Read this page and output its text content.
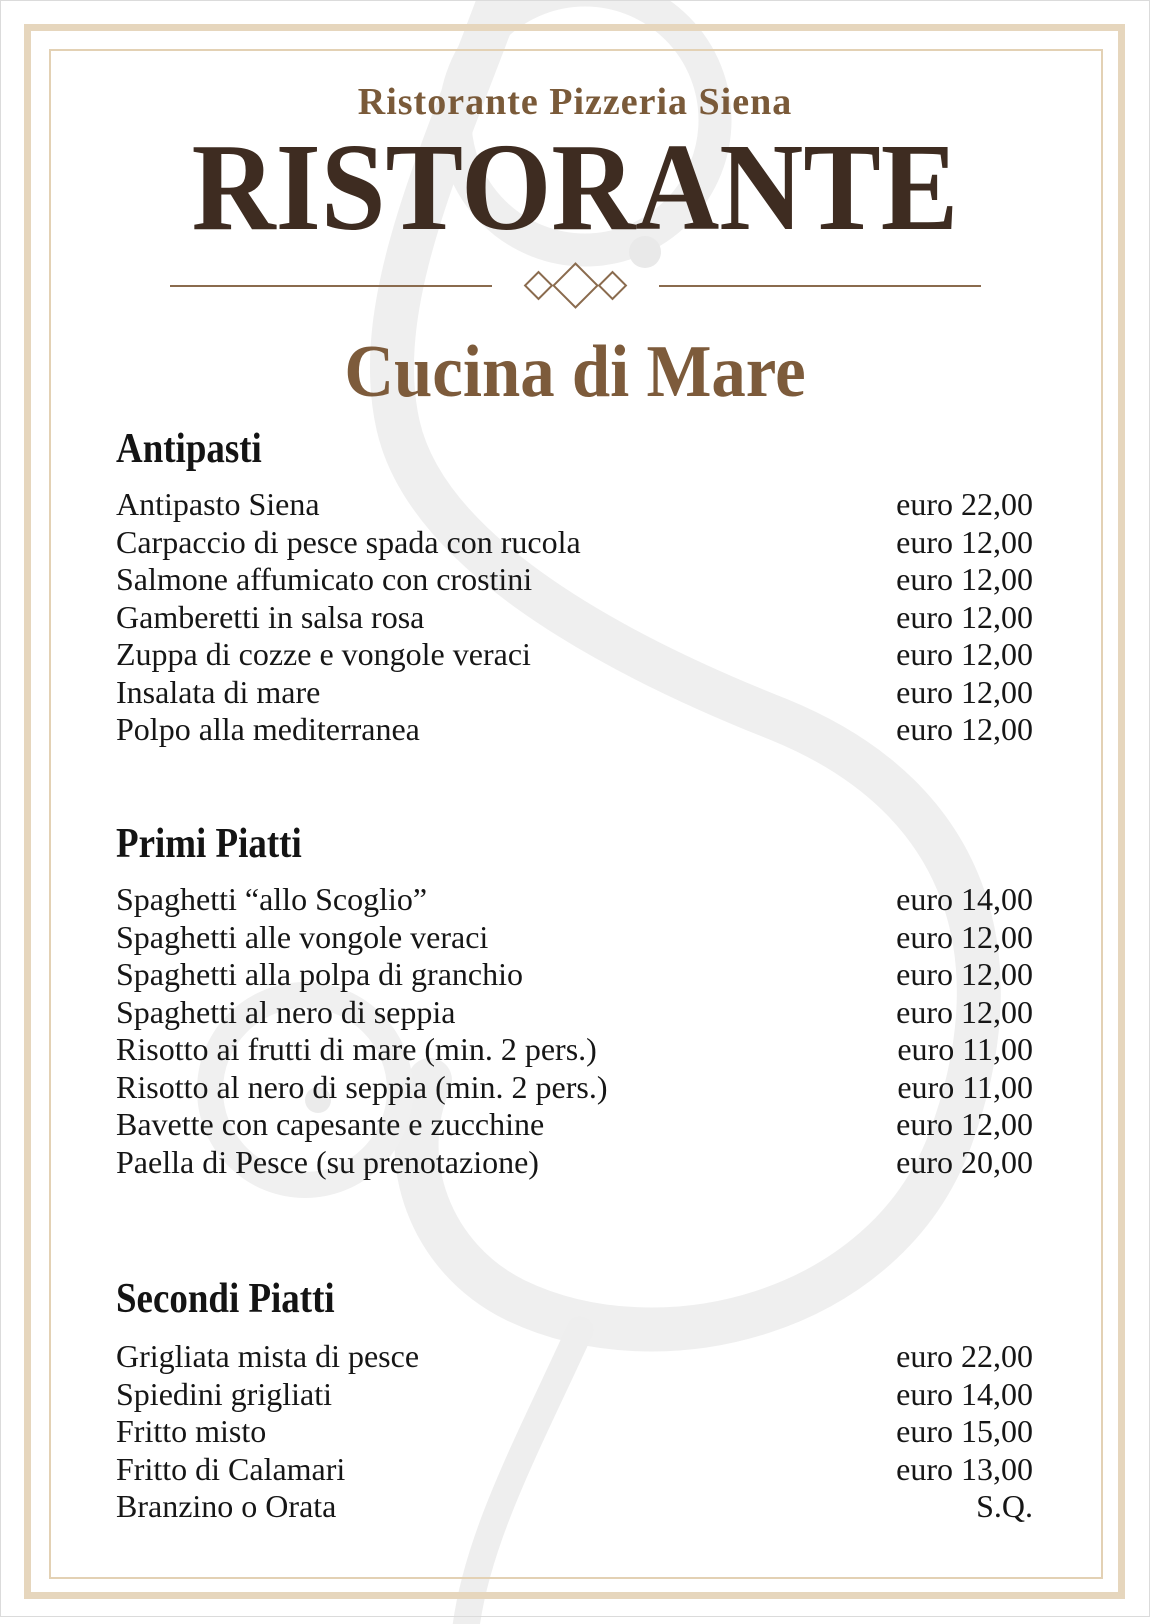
Ristorante Pizzeria Siena
RISTORANTE
Cucina di Mare
Antipasti
Antipasto Siena	euro 22,00
Carpaccio di pesce spada con rucola	euro 12,00
Salmone affumicato con crostini	euro 12,00
Gamberetti in salsa rosa	euro 12,00
Zuppa di cozze e vongole veraci	euro 12,00
Insalata di mare	euro 12,00
Polpo alla mediterranea	euro 12,00
Primi Piatti
Spaghetti “allo Scoglio”	euro 14,00
Spaghetti alle vongole veraci	euro 12,00
Spaghetti alla polpa di granchio	euro 12,00
Spaghetti al nero di seppia	euro 12,00
Risotto ai frutti di mare (min. 2 pers.)	euro 11,00
Risotto al nero di seppia (min. 2 pers.)	euro 11,00
Bavette con capesante e zucchine	euro 12,00
Paella di Pesce (su prenotazione)	euro 20,00
Secondi Piatti
Grigliata mista di pesce	euro 22,00
Spiedini grigliati	euro 14,00
Fritto misto	euro 15,00
Fritto di Calamari	euro 13,00
Branzino o Orata	S.Q.
